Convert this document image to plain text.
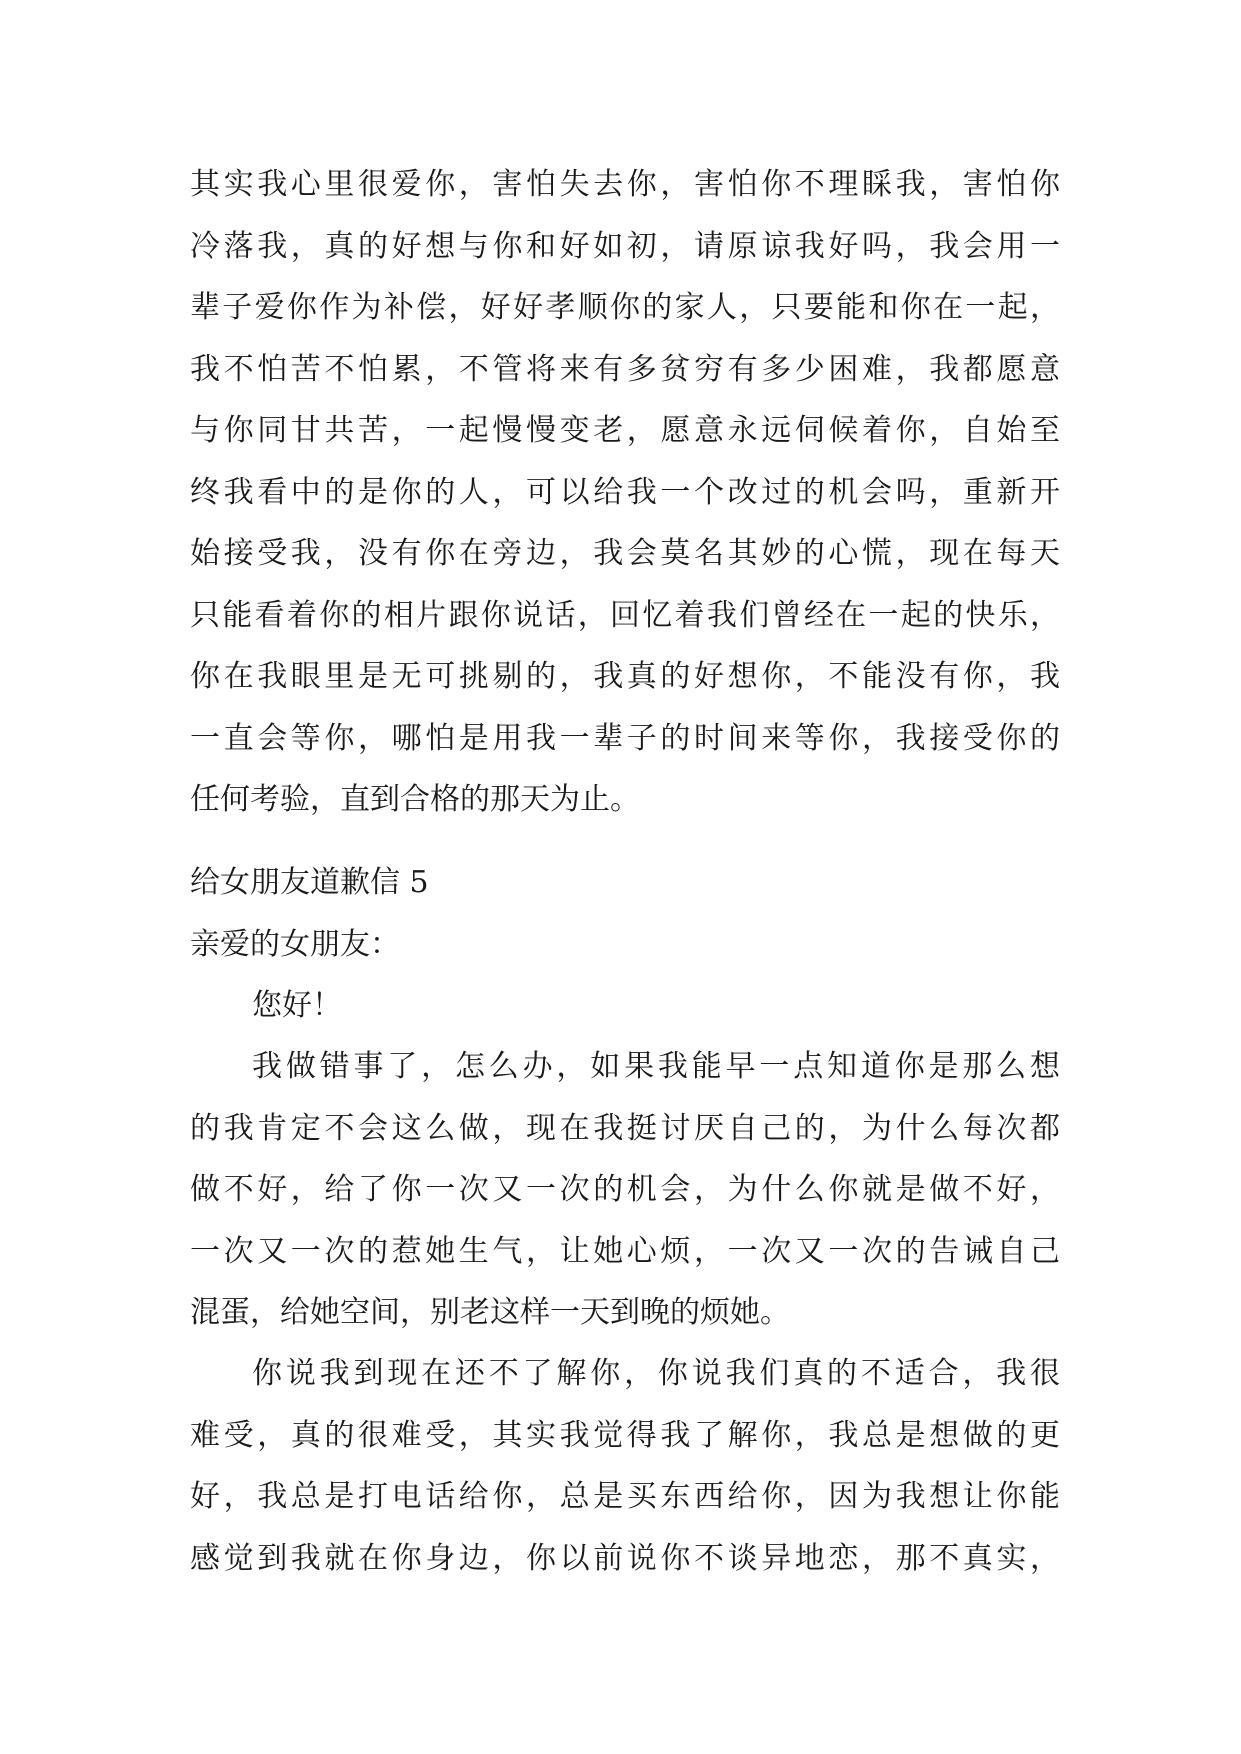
其实我心里很爱你，害怕失去你，害怕你不理睬我，害怕你
冷落我，真的好想与你和好如初，请原谅我好吗，我会用一
辈子爱你作为补偿，好好孝顺你的家人，只要能和你在一起，
我不怕苦不怕累，不管将来有多贫穷有多少困难，我都愿意
与你同甘共苦，一起慢慢变老，愿意永远伺候着你，自始至
终我看中的是你的人，可以给我一个改过的机会吗，重新开
始接受我，没有你在旁边，我会莫名其妙的心慌，现在每天
只能看着你的相片跟你说话，回忆着我们曾经在一起的快乐，
你在我眼里是无可挑剔的，我真的好想你，不能没有你，我
一直会等你，哪怕是用我一辈子的时间来等你，我接受你的
任何考验，直到合格的那天为止。
给女朋友道歉信 5
亲爱的女朋友：
您好！
我做错事了，怎么办，如果我能早一点知道你是那么想
的我肯定不会这么做，现在我挺讨厌自己的，为什么每次都
做不好，给了你一次又一次的机会，为什么你就是做不好，
一次又一次的惹她生气，让她心烦，一次又一次的告诫自己
混蛋，给她空间，别老这样一天到晚的烦她。
你说我到现在还不了解你，你说我们真的不适合，我很
难受，真的很难受，其实我觉得我了解你，我总是想做的更
好，我总是打电话给你，总是买东西给你，因为我想让你能
感觉到我就在你身边，你以前说你不谈异地恋，那不真实，
